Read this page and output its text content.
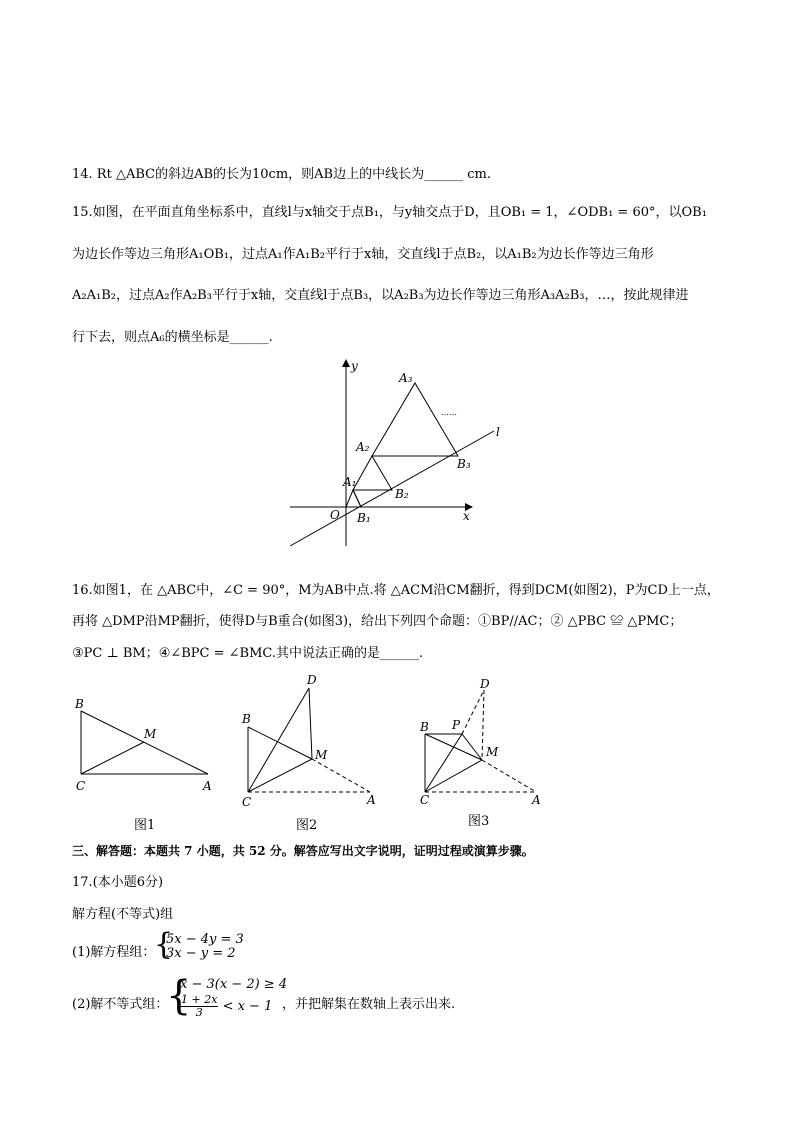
14. Rt △ABC的斜边AB的长为10cm，则AB边上的中线长为______ cm.
15.如图，在平面直角坐标系中，直线l与x轴交于点B₁，与y轴交点于D，且OB₁ = 1，∠ODB₁ = 60°，以OB₁
为边长作等边三角形A₁OB₁，过点A₁作A₁B₂平行于x轴，交直线l于点B₂，以A₁B₂为边长作等边三角形
A₂A₁B₂，过点A₂作A₂B₃平行于x轴，交直线l于点B₃，以A₂B₃为边长作等边三角形A₃A₂B₃，…，按此规律进
行下去，则点A₆的横坐标是______.
y
x
l
O B₁
A₁
B₂
A₂
B₃
A₃
……
16.如图1，在 △ABC中，∠C = 90°，M为AB中点.将 △ACM沿CM翻折，得到DCM(如图2)，P为CD上一点，
再将 △DMP沿MP翻折，使得D与B重合(如图3)，给出下列四个命题：①BP//AC；② △PBC ≌ △PMC；
③PC ⊥ BM；④∠BPC = ∠BMC.其中说法正确的是______.
B
M
C	A
D
B
M
C	A
D
B P
M
C	A
图1	图2	图3
三、解答题：本题共 7 小题，共 52 分。解答应写出文字说明，证明过程或演算步骤。
17.(本小题6分)
解方程(不等式)组
(1)解方程组：
{
5x − 4y = 3
3x − y = 2
(2)解不等式组：
{
x − 3(x − 2) ≥ 4
$\frac{1 + 2x}{3} < x - 1$ ，并把解集在数轴上表示出来.
